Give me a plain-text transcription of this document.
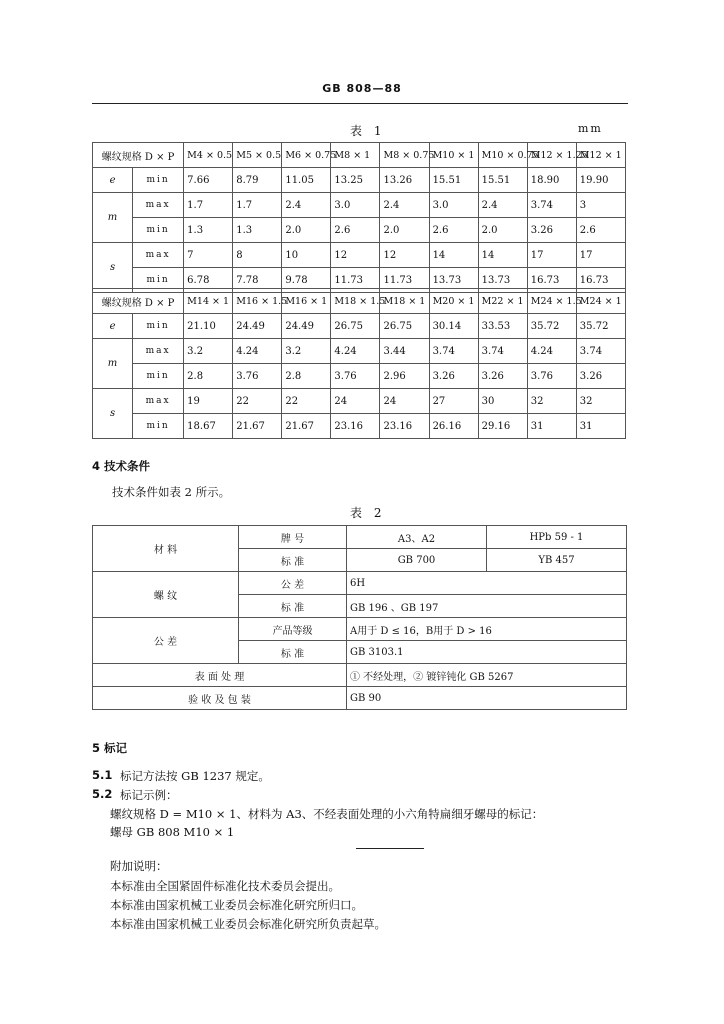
GB 808—88
表 1	mm
螺纹规格 D × P		M4 × 0.5	M5 × 0.5	M6 × 0.75	M8 × 1	M8 × 0.75	M10 × 1	M10 × 0.75	M12 × 1.25	M12 × 1
e	min	7.66	8.79	11.05	13.25	13.26	15.51	15.51	18.90	19.90
m	max	1.7	1.7	2.4	3.0	2.4	3.0	2.4	3.74	3
	min	1.3	1.3	2.0	2.6	2.0	2.6	2.0	3.26	2.6
s	max	7	8	10	12	12	14	14	17	17
	min	6.78	7.78	9.78	11.73	11.73	13.73	13.73	16.73	16.73
螺纹规格 D × P		M14 × 1	M16 × 1.5	M16 × 1	M18 × 1.5	M18 × 1	M20 × 1	M22 × 1	M24 × 1.5	M24 × 1
e	min	21.10	24.49	24.49	26.75	26.75	30.14	33.53	35.72	35.72
m	max	3.2	4.24	3.2	4.24	3.44	3.74	3.74	4.24	3.74
	min	2.8	3.76	2.8	3.76	2.96	3.26	3.26	3.76	3.26
s	max	19	22	22	24	24	27	30	32	32
	min	18.67	21.67	21.67	23.16	23.16	26.16	29.16	31	31
4 技术条件
技术条件如表 2 所示。
表 2
材 料	牌 号	A3、A2	HPb 59 - 1
	标 准	GB 700	YB 457
螺 纹	公 差	6H	
	标 准	GB 196 、GB 197	
公 差	产品等级	A用于 D ≤ 16，B用于 D > 16	
	标 准	GB 3103.1	
表 面 处 理		① 不经处理，② 镀锌钝化 GB 5267	
验 收 及 包 装		GB 90	
5 标记
5.1 标记方法按 GB 1237 规定。
5.2 标记示例：
螺纹规格 D = M10 × 1、材料为 A3、不经表面处理的小六角特扁细牙螺母的标记：
螺母 GB 808 M10 × 1
附加说明：
本标准由全国紧固件标准化技术委员会提出。
本标准由国家机械工业委员会标准化研究所归口。
本标准由国家机械工业委员会标准化研究所负责起草。
